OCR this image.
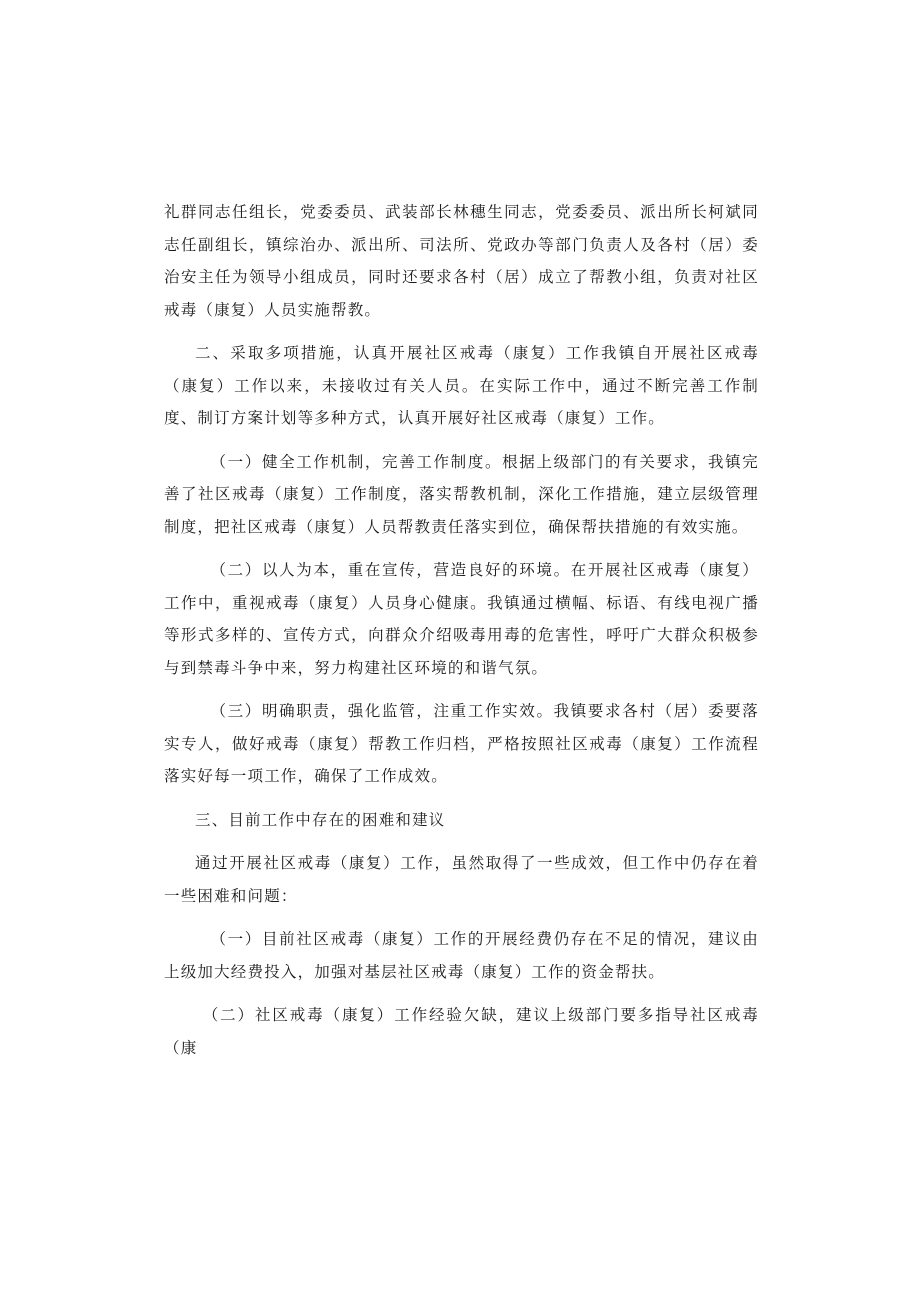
礼群同志任组长，党委委员、武装部长林穗生同志，党委委员、派出所长柯斌同志任副组长，镇综治办、派出所、司法所、党政办等部门负责人及各村（居）委治安主任为领导小组成员，同时还要求各村（居）成立了帮教小组，负责对社区戒毒（康复）人员实施帮教。

二、采取多项措施，认真开展社区戒毒（康复）工作我镇自开展社区戒毒（康复）工作以来，未接收过有关人员。在实际工作中，通过不断完善工作制度、制订方案计划等多种方式，认真开展好社区戒毒（康复）工作。

（一）健全工作机制，完善工作制度。根据上级部门的有关要求，我镇完善了社区戒毒（康复）工作制度，落实帮教机制，深化工作措施，建立层级管理制度，把社区戒毒（康复）人员帮教责任落实到位，确保帮扶措施的有效实施。

（二）以人为本，重在宣传，营造良好的环境。在开展社区戒毒（康复）工作中，重视戒毒（康复）人员身心健康。我镇通过横幅、标语、有线电视广播等形式多样的、宣传方式，向群众介绍吸毒用毒的危害性，呼吁广大群众积极参与到禁毒斗争中来，努力构建社区环境的和谐气氛。

（三）明确职责，强化监管，注重工作实效。我镇要求各村（居）委要落实专人，做好戒毒（康复）帮教工作归档，严格按照社区戒毒（康复）工作流程落实好每一项工作，确保了工作成效。

三、目前工作中存在的困难和建议

通过开展社区戒毒（康复）工作，虽然取得了一些成效，但工作中仍存在着一些困难和问题：

（一）目前社区戒毒（康复）工作的开展经费仍存在不足的情况，建议由上级加大经费投入，加强对基层社区戒毒（康复）工作的资金帮扶。

（二）社区戒毒（康复）工作经验欠缺，建议上级部门要多指导社区戒毒（康
